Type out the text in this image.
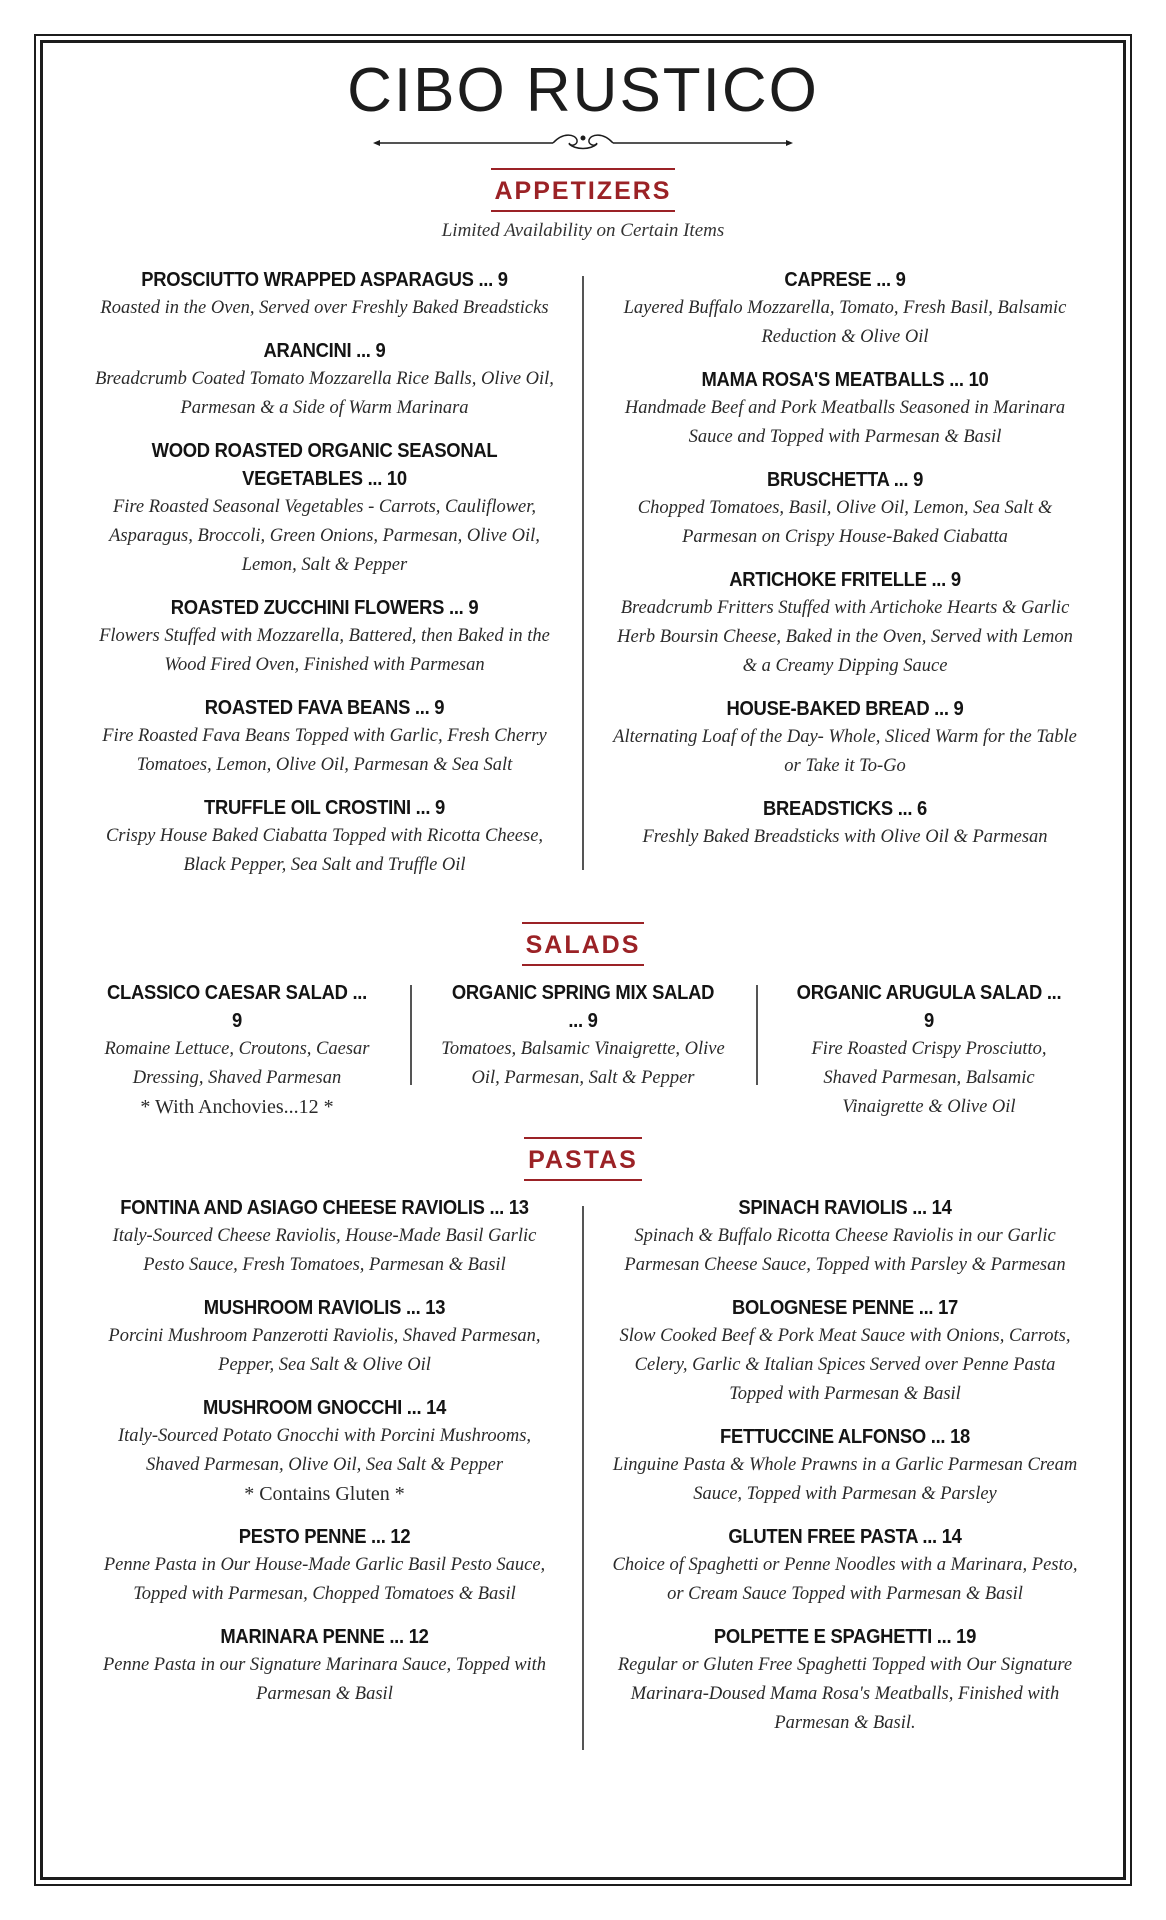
CIBO RUSTICO
APPETIZERS
Limited Availability on Certain Items
PROSCIUTTO WRAPPED ASPARAGUS ... 9
Roasted in the Oven, Served over Freshly Baked Breadsticks
ARANCINI ... 9
Breadcrumb Coated Tomato Mozzarella Rice Balls, Olive Oil, Parmesan & a Side of Warm Marinara
WOOD ROASTED ORGANIC SEASONAL VEGETABLES ... 10
Fire Roasted Seasonal Vegetables - Carrots, Cauliflower, Asparagus, Broccoli, Green Onions, Parmesan, Olive Oil, Lemon, Salt & Pepper
ROASTED ZUCCHINI FLOWERS ... 9
Flowers Stuffed with Mozzarella, Battered, then Baked in the Wood Fired Oven, Finished with Parmesan
ROASTED FAVA BEANS ... 9
Fire Roasted Fava Beans Topped with Garlic, Fresh Cherry Tomatoes, Lemon, Olive Oil, Parmesan & Sea Salt
TRUFFLE OIL CROSTINI ... 9
Crispy House Baked Ciabatta Topped with Ricotta Cheese, Black Pepper, Sea Salt and Truffle Oil
CAPRESE ... 9
Layered Buffalo Mozzarella, Tomato, Fresh Basil, Balsamic Reduction & Olive Oil
MAMA ROSA'S MEATBALLS ... 10
Handmade Beef and Pork Meatballs Seasoned in Marinara Sauce and Topped with Parmesan & Basil
BRUSCHETTA ... 9
Chopped Tomatoes, Basil, Olive Oil, Lemon, Sea Salt & Parmesan on Crispy House-Baked Ciabatta
ARTICHOKE FRITELLE ... 9
Breadcrumb Fritters Stuffed with Artichoke Hearts & Garlic Herb Boursin Cheese, Baked in the Oven, Served with Lemon & a Creamy Dipping Sauce
HOUSE-BAKED BREAD ... 9
Alternating Loaf of the Day- Whole, Sliced Warm for the Table or Take it To-Go
BREADSTICKS ... 6
Freshly Baked Breadsticks with Olive Oil & Parmesan
SALADS
CLASSICO CAESAR SALAD ... 9
Romaine Lettuce, Croutons, Caesar Dressing, Shaved Parmesan
* With Anchovies...12 *
ORGANIC SPRING MIX SALAD ... 9
Tomatoes, Balsamic Vinaigrette, Olive Oil, Parmesan, Salt & Pepper
ORGANIC ARUGULA SALAD ... 9
Fire Roasted Crispy Prosciutto, Shaved Parmesan, Balsamic Vinaigrette & Olive Oil
PASTAS
FONTINA AND ASIAGO CHEESE RAVIOLIS ... 13
Italy-Sourced Cheese Raviolis, House-Made Basil Garlic Pesto Sauce, Fresh Tomatoes, Parmesan & Basil
MUSHROOM RAVIOLIS ... 13
Porcini Mushroom Panzerotti Raviolis, Shaved Parmesan, Pepper, Sea Salt & Olive Oil
MUSHROOM GNOCCHI ... 14
Italy-Sourced Potato Gnocchi with Porcini Mushrooms, Shaved Parmesan, Olive Oil, Sea Salt & Pepper
* Contains Gluten *
PESTO PENNE ... 12
Penne Pasta in Our House-Made Garlic Basil Pesto Sauce, Topped with Parmesan, Chopped Tomatoes & Basil
MARINARA PENNE ... 12
Penne Pasta in our Signature Marinara Sauce, Topped with Parmesan & Basil
SPINACH RAVIOLIS ... 14
Spinach & Buffalo Ricotta Cheese Raviolis in our Garlic Parmesan Cheese Sauce, Topped with Parsley & Parmesan
BOLOGNESE PENNE ... 17
Slow Cooked Beef & Pork Meat Sauce with Onions, Carrots, Celery, Garlic & Italian Spices Served over Penne Pasta Topped with Parmesan & Basil
FETTUCCINE ALFONSO ... 18
Linguine Pasta & Whole Prawns in a Garlic Parmesan Cream Sauce, Topped with Parmesan & Parsley
GLUTEN FREE PASTA ... 14
Choice of Spaghetti or Penne Noodles with a Marinara, Pesto, or Cream Sauce Topped with Parmesan & Basil
POLPETTE E SPAGHETTI ... 19
Regular or Gluten Free Spaghetti Topped with Our Signature Marinara-Doused Mama Rosa's Meatballs, Finished with Parmesan & Basil.
